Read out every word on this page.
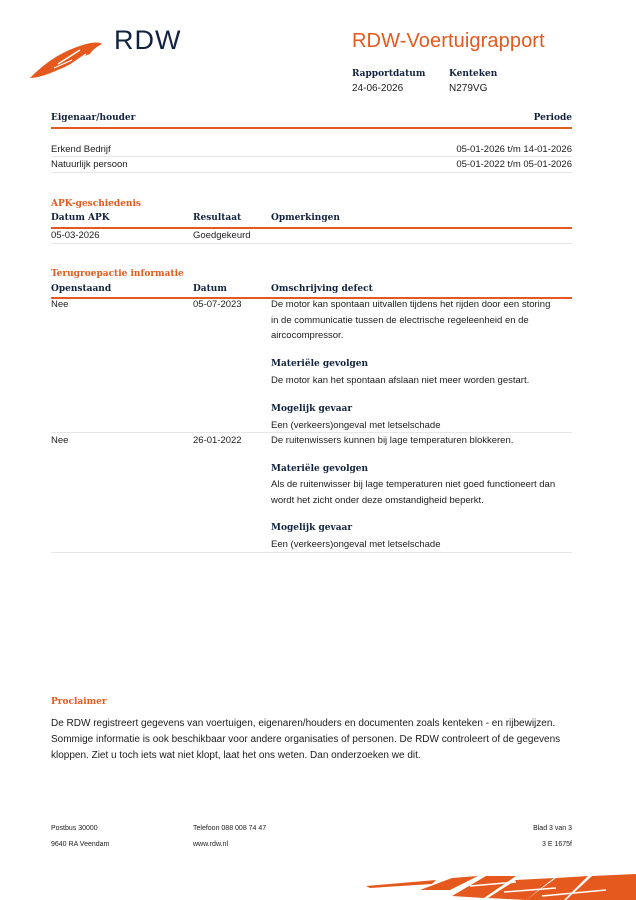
RDW	RDW-Voertuigrapport
Rapportdatum
24-06-2026
Kenteken
N279VG
Eigenaar/houder	Periode
Erkend Bedrijf	05-01-2026 t/m 14-01-2026
Natuurlijk persoon	05-01-2022 t/m 05-01-2026
APK-geschiedenis
Datum APK	Resultaat	Opmerkingen
05-03-2026	Goedgekeurd
Terugroepactie informatie
Openstaand	Datum	Omschrijving defect
Nee	05-07-2023	De motor kan spontaan uitvallen tijdens het rijden door een storing
in de communicatie tussen de electrische regeleenheid en de
aircocompressor.
Materiële gevolgen
De motor kan het spontaan afslaan niet meer worden gestart.
Mogelijk gevaar
Een (verkeers)ongeval met letselschade
Nee	26-01-2022	De ruitenwissers kunnen bij lage temperaturen blokkeren.
Materiële gevolgen
Als de ruitenwisser bij lage temperaturen niet goed functioneert dan
wordt het zicht onder deze omstandigheid beperkt.
Mogelijk gevaar
Een (verkeers)ongeval met letselschade
Proclaimer
De RDW registreert gegevens van voertuigen, eigenaren/houders en documenten zoals kenteken - en rijbewijzen.
Sommige informatie is ook beschikbaar voor andere organisaties of personen. De RDW controleert of de gegevens
kloppen. Ziet u toch iets wat niet klopt, laat het ons weten. Dan onderzoeken we dit.
Postbus 30000
9640 RA Veendam
Telefoon 088 008 74 47
www.rdw.nl
Blad 3 van 3
3 E 1675f
